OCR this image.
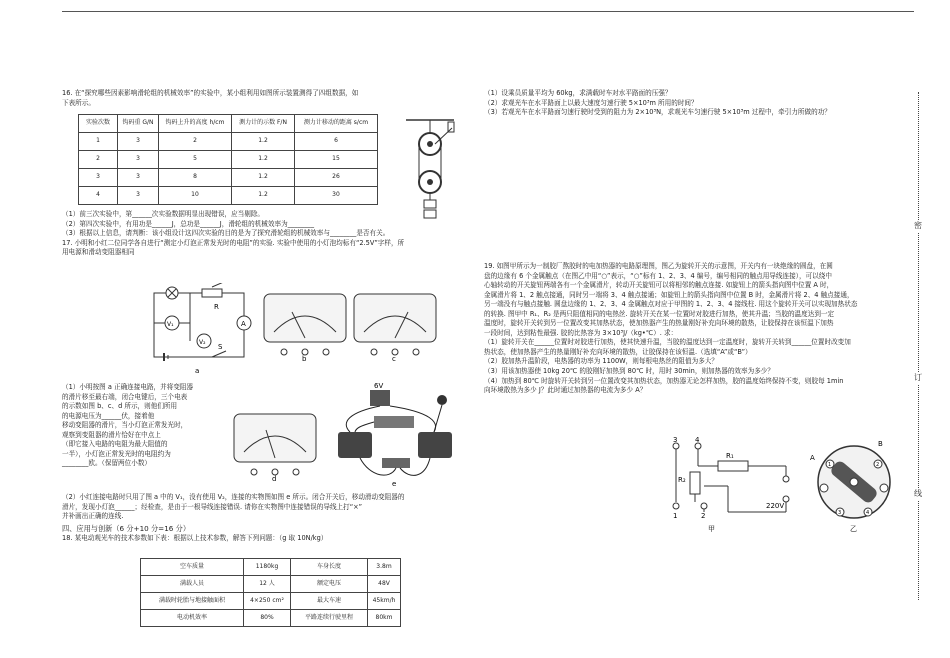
16. 在“探究哪些因素影响滑轮组的机械效率”的实验中，某小组利用如图所示装置测得了四组数据，如

下表所示。

实验次数	钩码重 G/N	钩码上升的高度 h/cm	测力计的示数 F/N	测力计移动的距离 s/cm
1	3	2	1.2	6
2	3	5	1.2	15
3	3	8	1.2	26
4	3	10	1.2	30

（1）前三次实验中，第______次实验数据明显出现错误，应当剔除。

（2）第四次实验中，有用功是______J，总功是______J，滑轮组的机械效率为________

（3）根据以上信息，请判断：该小组设计这四次实验的目的是为了探究滑轮组的机械效率与________是否有关。

17. 小明和小红二位同学各自进行“测定小灯泡正常发光时的电阻”的实验. 实验中使用的小灯泡均标有“2.5V”字样，所

用电源和滑动变阻器相同

R
A
V₁
V₂
S
a
b	c

（1）小明按图 a 正确连接电路，并将变阻器

的滑片移至最右端，闭合电键后，三个电表

的示数如图 b、c、d 所示，则他们所用

的电源电压为______伏，接着他

移动变阻器的滑片，当小灯泡正常发光时，

观察到变阻器的滑片恰好在中点上

（即它接入电路的电阻为最大阻值的

一半），小灯泡正常发光时的电阻约为

________欧。（保留两位小数）

d
6V
e

（2）小红连接电路时只用了图 a 中的 V₁，没有使用 V₂，连接的实物图如图 e 所示。闭合开关后，移动滑动变阻器的

滑片，发现小灯泡______；经检查，是由于一根导线连接错误. 请你在实物图中连接错误的导线上打“×”

并补画出正确的连线.

四、应用与创新（6 分+10 分=16 分）

18. 某电动观光车的技术参数如下表：根据以上技术参数，解答下列问题：（g 取 10N/kg）

空车质量	1180kg	车身长度	3.8m
满载人员	12 人	额定电压	48V
满载时轮胎与地接触面积	4×250 cm²	最大车速	45km/h
电动机效率	80%	平路连续行驶里程	80km

（1）设乘员质量平均为 60kg，求满载时车对水平路面的压强？

（2）求观光车在水平路面上以最大速度匀速行驶 5×10³m 所用的时间？

（3）若观光车在水平路面匀速行驶时受到的阻力为 2×10³N，求观光车匀速行驶 5×10³m 过程中，牵引力所做的功？

19. 如图甲所示为一制胶厂熬胶时的电加热器的电路原理图，图乙为旋转开关的示意图，开关内有一块绝缘的圆盘，在圆

盘的边缘有 6 个金属触点（在图乙中用“○”表示，“○”标有 1、2、3、4 编号，编号相同的触点用导线连接），可以绕中

心轴转动的开关旋钮两端各有一个金属滑片，转动开关旋钮可以将相邻的触点连接. 如旋钮上的箭头指向图中位置 A 时，

金属滑片将 1、2 触点接通，同时另一端将 3、4 触点接通；如旋钮上的箭头指向图中位置 B 时，金属滑片将 2、4 触点接通，

另一端没有与触点接触. 圆盘边缘的 1、2、3、4 金属触点对应于甲图的 1、2、3、4 接线柱. 用这个旋转开关可以实现加热状态

的转换. 图甲中 R₁、R₂ 是两只阻值相同的电热丝. 旋转开关在某一位置时对胶进行加热，使其升温；当胶的温度达到一定

温度时，旋转开关转到另一位置改变其加热状态，使加热器产生的热量刚好补充向环境的散热，让胶保持在该恒温下加热

一段时间，达到粘性最强. 胶的比热容为 3×10³J/（kg•℃）. 求：

（1）旋转开关在______位置时对胶进行加热，使其快速升温，当胶的温度达到一定温度时，旋转开关转到______位置时改变加

热状态，使加热器产生的热量刚好补充向环境的散热，让胶保持在该恒温.（选填“A”或“B”）

（2）胶加热升温阶段，电热器的功率为 1100W，则每根电热丝的阻值为多大？

（3）用该加热器使 10kg 20℃ 的胶刚好加热到 80℃ 时，用时 30min，则加热器的效率为多少？

（4）加热到 80℃ 时旋转开关转到另一位置改变其加热状态，加热器无论怎样加热，胶的温度始终保持不变，则胶每 1min

向环境散热为多少 J？此时通过加热器的电流为多少 A？

3	4
R₁
R₂
1	2
220V
甲
A
B
1	2
3	4
乙
密
订
线
